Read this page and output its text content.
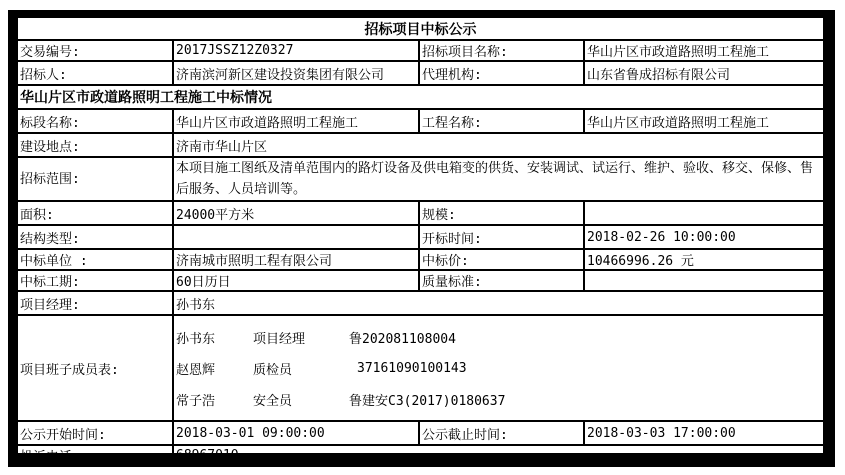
招标项目中标公示			
交易编号:	2017JSSZ12Z0327	招标项目名称:	华山片区市政道路照明工程施工
招标人:	济南滨河新区建设投资集团有限公司	代理机构:	山东省鲁成招标有限公司
华山片区市政道路照明工程施工中标情况			
标段名称:	华山片区市政道路照明工程施工	工程名称:	华山片区市政道路照明工程施工
建设地点:	济南市华山片区		
招标范围:	本项目施工图纸及清单范围内的路灯设备及供电箱变的供货、安装调试、试运行、维护、验收、移交、保修、售后服务、人员培训等。		
面积:	24000平方米	规模:	
结构类型:		开标时间:	2018-02-26 10:00:00
中标单位 :	济南城市照明工程有限公司	中标价:	10466996.26 元
中标工期:	60日历日	质量标准:	
项目经理:	孙书东		
项目班子成员表:	
孙书东	项目经理	鲁202081108004
赵恩辉	质检员	37161090100143
常子浩	安全员	鲁建安C3(2017)0180637

公示开始时间:	2018-03-01 09:00:00	公示截止时间:	2018-03-03 17:00:00
投诉电话:	68967010		
